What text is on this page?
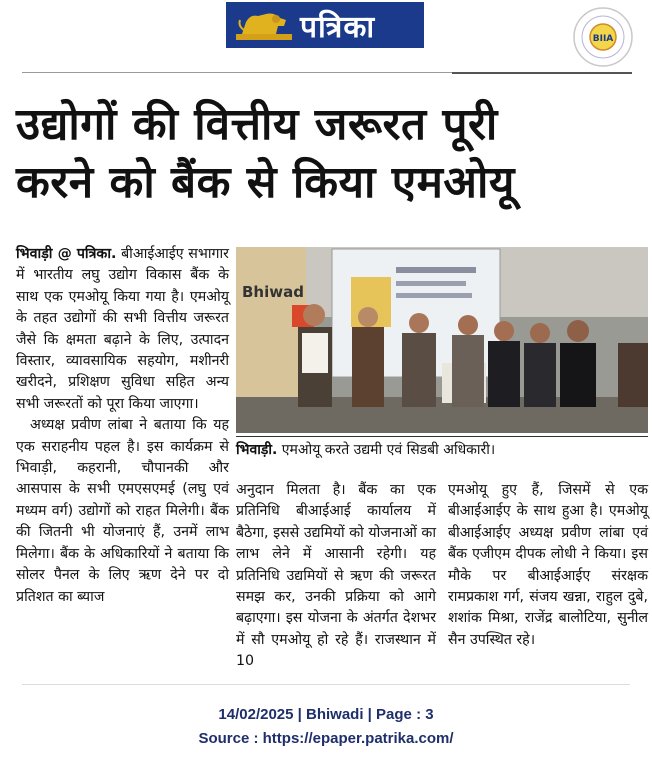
पत्रिका	BIIA
उद्योगों की वित्तीय जरूरत पूरी
करने को बैंक से किया एमओयू

भिवाड़ी @ पत्रिका. बीआईआईए सभागार में भारतीय लघु उद्योग विकास बैंक के साथ एक एमओयू किया गया है। एमओयू के तहत उद्योगों की सभी वित्तीय जरूरत जैसे कि क्षमता बढ़ाने के लिए, उत्पादन विस्तार, व्यावसायिक सहयोग, मशीनरी खरीदने, प्रशिक्षण सुविधा सहित अन्य सभी जरूरतों को पूरा किया जाएगा।

अध्यक्ष प्रवीण लांबा ने बताया कि यह एक सराहनीय पहल है। इस कार्यक्रम से भिवाड़ी, कहरानी, चौपानकी और आसपास के सभी एमएसएमई (लघु एवं मध्यम वर्ग) उद्योगों को राहत मिलेगी। बैंक की जितनी भी योजनाएं हैं, उनमें लाभ मिलेगा। बैंक के अधिकारियों ने बताया कि सोलर पैनल के लिए ऋण देने पर दो प्रतिशत का ब्याज

Bhiwad
भिवाड़ी. एमओयू करते उद्यमी एवं सिडबी अधिकारी।
अनुदान मिलता है। बैंक का एक प्रतिनिधि बीआईआई कार्यालय में बैठेगा, इससे उद्यमियों को योजनाओं का लाभ लेने में आसानी रहेगी। यह प्रतिनिधि उद्यमियों से ऋण की जरूरत समझ कर, उनकी प्रक्रिया को आगे बढ़ाएगा। इस योजना के अंतर्गत देशभर में सौ एमओयू हो रहे हैं। राजस्थान में 10
एमओयू हुए हैं, जिसमें से एक बीआईआईए के साथ हुआ है। एमओयू बीआईआईए अध्यक्ष प्रवीण लांबा एवं बैंक एजीएम दीपक लोधी ने किया। इस मौके पर बीआईआईए संरक्षक रामप्रकाश गर्ग, संजय खन्ना, राहुल दुबे, शशांक मिश्रा, राजेंद्र बालोटिया, सुनील सैन उपस्थित रहे।
14/02/2025 | Bhiwadi | Page : 3
Source : https://epaper.patrika.com/
